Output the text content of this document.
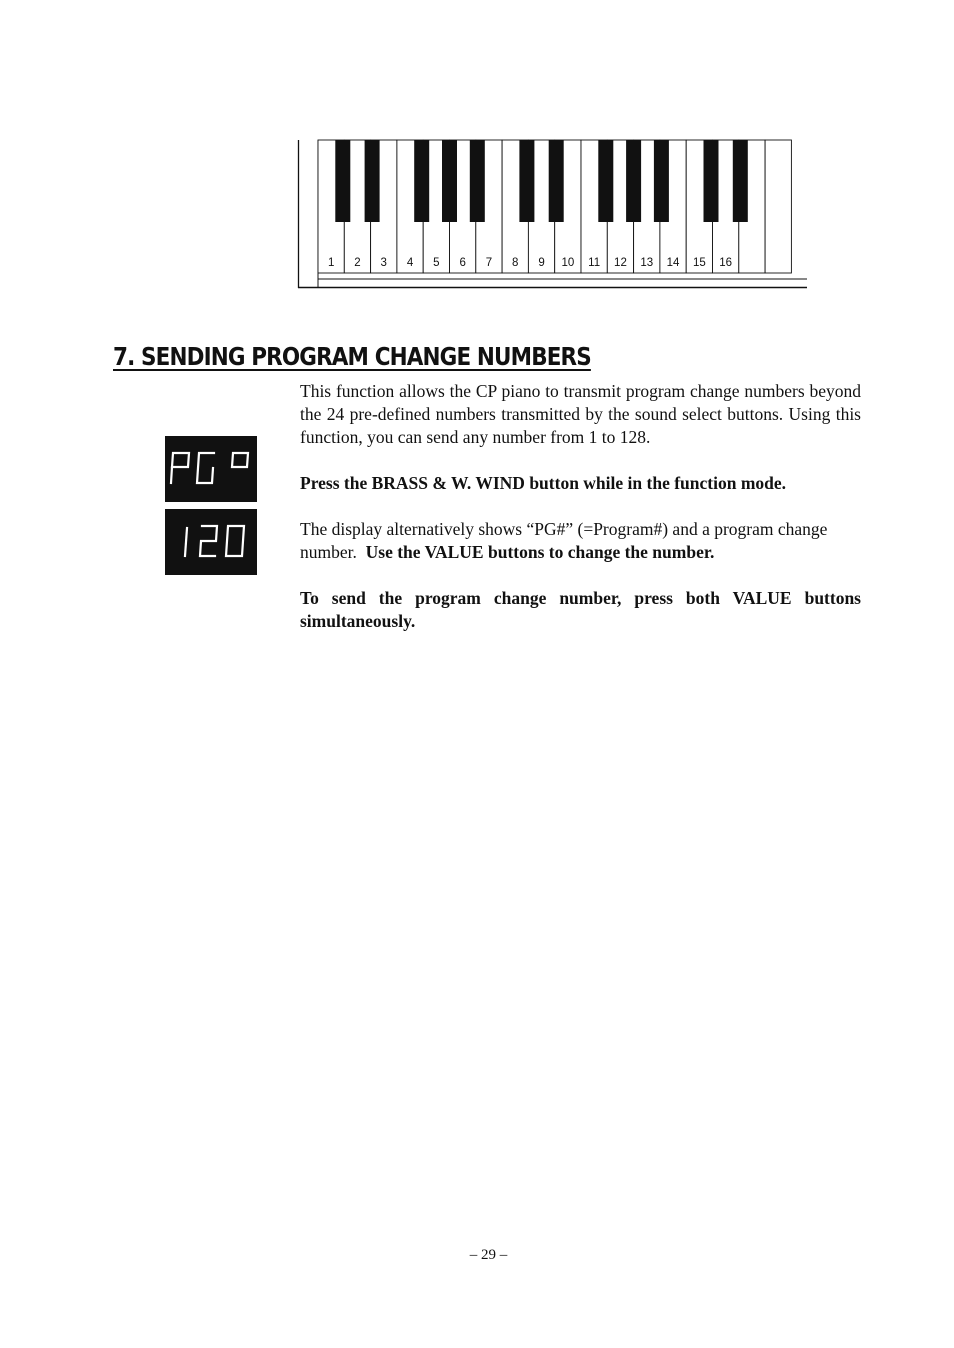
1 2 3 4 5 6 7 8 9 10 11 12 13 14 15 16
7. SENDING PROGRAM CHANGE NUMBERS

This function allows the CP piano to transmit program change numbers beyond the 24 pre-defined numbers transmitted by the sound select buttons. Using this function, you can send any number from 1 to 128.

Press the BRASS & W. WIND button while in the function mode.

The display alternatively shows “PG#” (=Program#) and a program change number. Use the VALUE buttons to change the number.

To send the program change number, press both VALUE buttons simultaneously.

– 29 –
